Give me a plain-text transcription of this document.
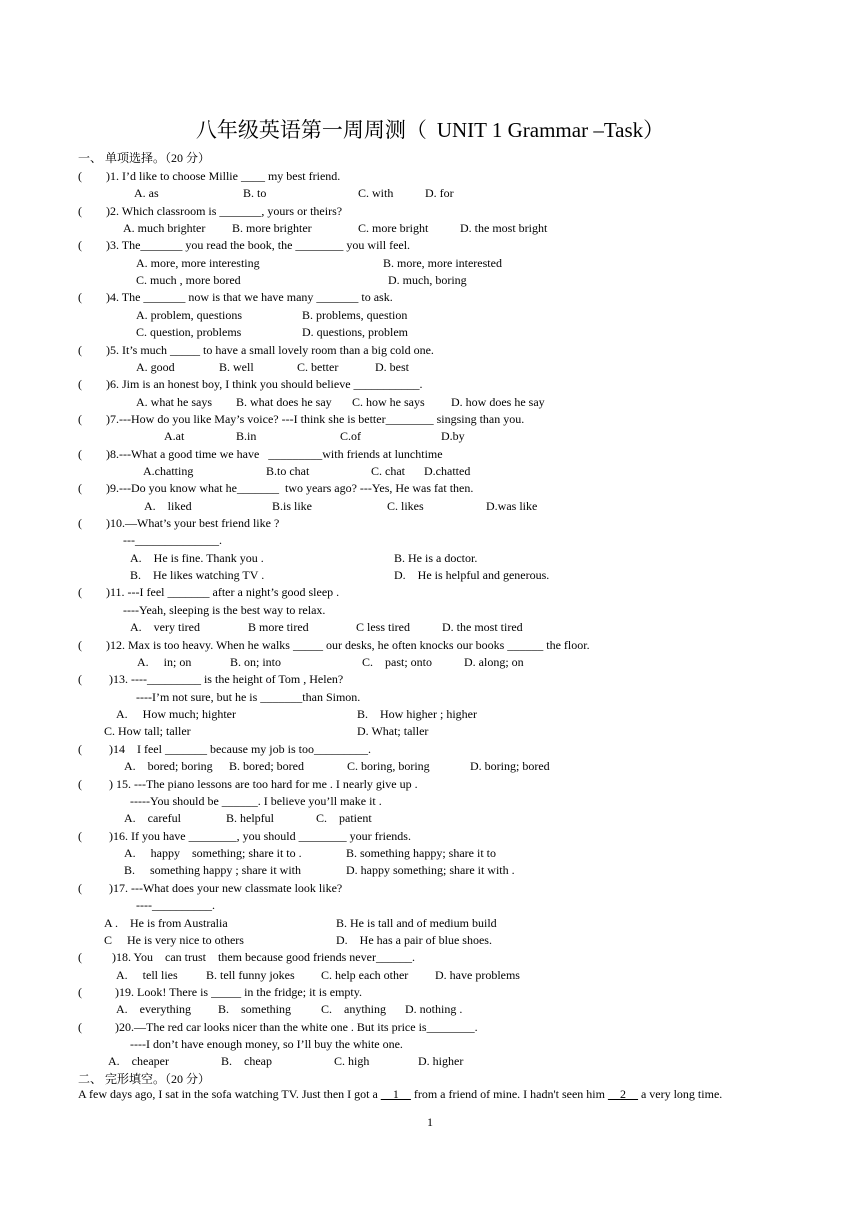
八年级英语第一周周测（ UNIT 1 Grammar –Task）
一、 单项选择。（20 分）
(        )1. I’d like to choose Millie ____ my best friend.
A. as	B. to	C. with	D. for
(        )2. Which classroom is _______, yours or theirs?
A. much brighter B. more brighter	C. more bright	D. the most bright
(        )3. The_______ you read the book, the ________ you will feel.
A. more, more interesting	B. more, more interested
C. much , more bored	D. much, boring
(        )4. The _______ now is that we have many _______ to ask.
A. problem, questions	B. problems, question
C. question, problems	D. questions, problem
(        )5. It’s much _____ to have a small lovely room than a big cold one.
A. good	B. well	C. better	D. best
(        )6. Jim is an honest boy, I think you should believe ___________.
A. what he says B. what does he say C. how he says D. how does he say
(        )7.---How do you like May’s voice? ---I think she is better________ singsing than you.
A.at	B.in	C.of	D.by
(        )8.---What a good time we have   _________with friends at lunchtime
A.chatting	B.to chat	C. chat D.chatted
(        )9.---Do you know what he_______  two years ago? ---Yes, He was fat then.
A.    liked	B.is like	C. likes	D.was like
(        )10.—What’s your best friend like ?
---______________.
A.    He is fine. Thank you .	B. He is a doctor.
B.    He likes watching TV .	D.    He is helpful and generous.
(        )11. ---I feel _______ after a night’s good sleep .
----Yeah, sleeping is the best way to relax.
A.    very tired	B more tired	C less tired	D. the most tired
(        )12. Max is too heavy. When he walks _____ our desks, he often knocks our books ______ the floor.
A.     in; on	B. on; into	C.    past; onto	D. along; on
(         )13. ----_________ is the height of Tom , Helen?
----I’m not sure, but he is _______than Simon.
A.     How much; highter	B.    How higher ; higher
C. How tall; taller	D. What; taller
(         )14    I feel _______ because my job is too_________.
A.    bored; boring B. bored; bored	C. boring, boring	D. boring; bored
(         ) 15. ---The piano lessons are too hard for me . I nearly give up .
-----You should be ______. I believe you’ll make it .
A.    careful	B. helpful	C.    patient
(         )16. If you have ________, you should ________ your friends.
A.     happy    something; share it to .	B. something happy; share it to
B.     something happy ; share it with	D. happy something; share it with .
(         )17. ---What does your new classmate look like?
----__________.
A .    He is from Australia	B. He is tall and of medium build
C     He is very nice to others	D.    He has a pair of blue shoes.
(          )18. You    can trust    them because good friends never______.
A.     tell lies B. tell funny jokes C. help each other D. have problems
(           )19. Look! There is _____ in the fridge; it is empty.
A.    everything B.    something C.    anything D. nothing .
(           )20.—The red car looks nicer than the white one . But its price is________.
----I don’t have enough money, so I’ll buy the white one.
A.    cheaper	B.    cheap	C. high	D. higher
二、 完形填空。（20 分）
A few days ago, I sat in the sofa watching TV. Just then I got a __1__ from a friend of mine. I hadn't seen him __2__ a very long time.
1
